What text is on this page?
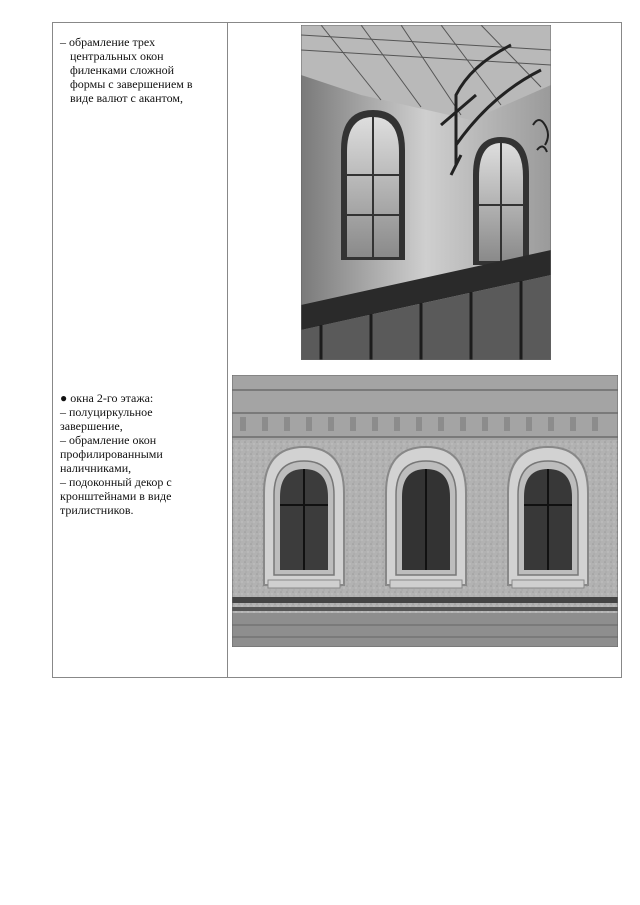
– обрамление трех

центральных окон

филенками сложной

формы с завершением в

виде валют с акантом,

● окна 2-го этажа:

– полуциркульное

завершение,

– обрамление окон

профилированными

наличниками,

– подоконный декор с

кронштейнами в виде

трилистников.
